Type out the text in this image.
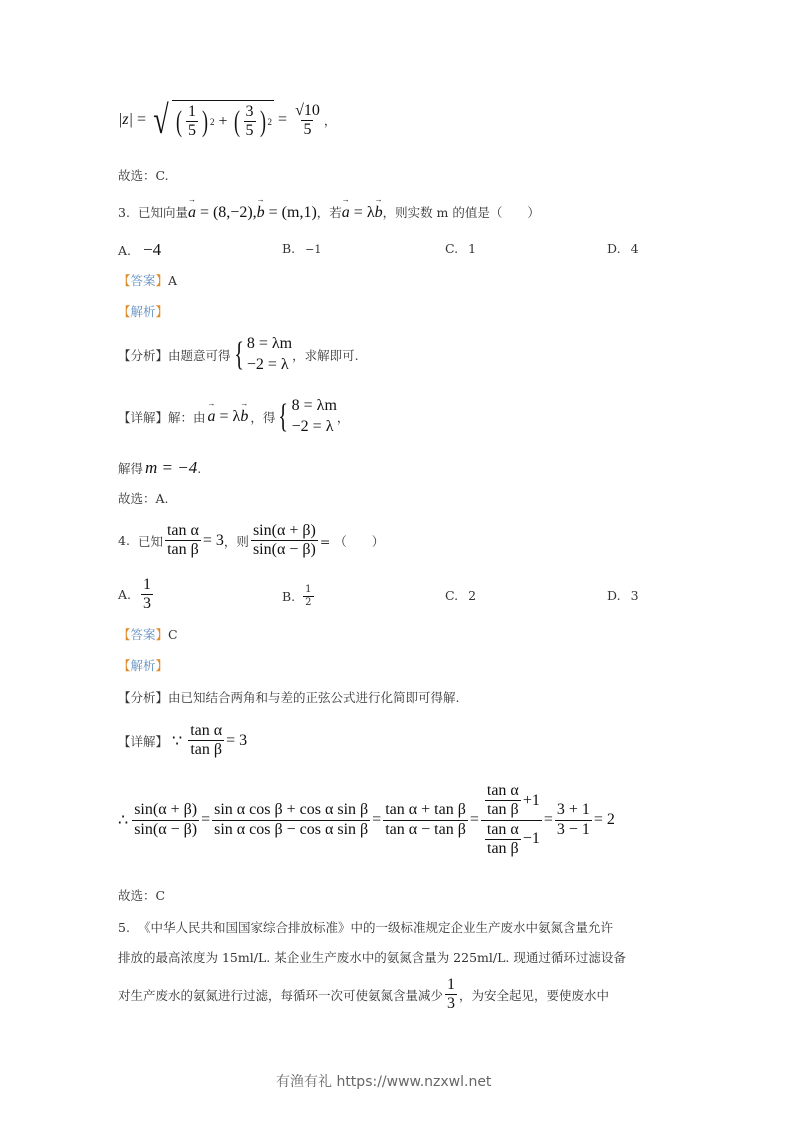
|z| = √ ( $\frac{1}{5}$ ) 2 + ( $\frac{3}{5}$ ) $2 = \frac{√10}{5}$ ，
故选：C.
3. 已知向量 → a = (8,−2),→ b = (m,1) ，若 → a = λ→ b ，则实数 m 的值是（　　）
A. −4	B. −1	C. 1	D. 4
【答案】A
【解析】
【分析】 由题意可得 { 8 = λm
−2 = λ
，求解即可.
【详解】 解：由 → a = λ→ b ，得 { 8 = λm
−2 = λ
，
解得 m = −4 .
故选：A.
4. 已知 $\frac{\text{tan α}}{\text{tan β}} = 3$ ，则 $\frac{\sin(\alpha + \beta)}{\sin(\alpha - \beta)}$ = （　　）
A. $\frac{1}{3}$	B. $\frac{1}{2}$	C. 2	D. 3
【答案】C
【解析】
【分析】由已知结合两角和与差的正弦公式进行化简即可得解.
【详解】 ∵ $\frac{\text{tan α}}{\text{tan β}} = 3$
∴ $\frac{\sin(\alpha + \beta)}{\sin(\alpha - \beta)} = \frac{\text{sin α cos β + cos α sin β}}{\text{sin α cos β − cos α sin β}} = \frac{\text{tan α + tan β}}{\text{tan α − tan β}} = \frac{\frac{\text{tan α}}{\text{tan β}} +1}{\frac{\text{tan α}}{\text{tan β}} -1} = \frac{3 + 1}{3 - 1} = 2$
故选：C
5. 《中华人民共和国国家综合排放标准》中的一级标准规定企业生产废水中氨氮含量允许
排放的最高浓度为 15ml/L. 某企业生产废水中的氨氮含量为 225ml/L. 现通过循环过滤设备
对生产废水的氨氮进行过滤，每循环一次可使氨氮含量减少 $\frac{1}{3}$ ，为安全起见，要使废水中
有渔有礼 https://www.nzxwl.net
